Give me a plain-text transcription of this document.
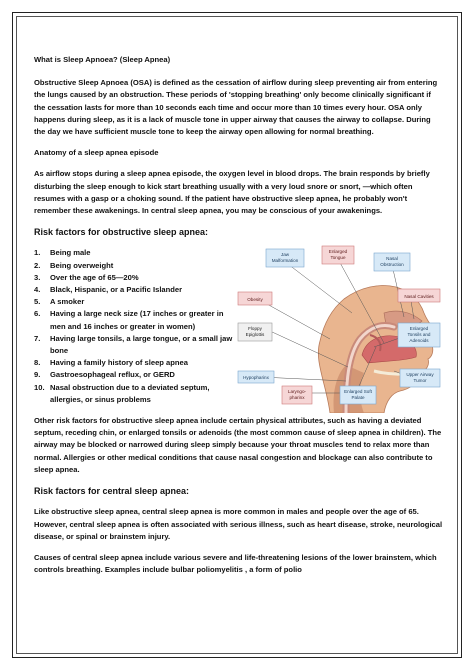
What is Sleep Apnoea? (Sleep Apnea)

Obstructive Sleep Apnoea (OSA) is defined as the cessation of airflow during sleep preventing air from entering the lungs caused by an obstruction. These periods of 'stopping breathing' only become clinically significant if the cessation lasts for more than 10 seconds each time and occur more than 10 times every hour. OSA only happens during sleep, as it is a lack of muscle tone in upper airway that causes the airway to collapse. During the day we have sufficient muscle tone to keep the airway open allowing for normal breathing.

Anatomy of a sleep apnea episode

As airflow stops during a sleep apnea episode, the oxygen level in blood drops. The brain responds by briefly disturbing the sleep enough to kick start breathing usually with a very loud snore or snort, —which often resumes with a gasp or a choking sound. If the patient have obstructive sleep apnea, he probably won't remember these awakenings. In central sleep apnea, you may be conscious of your awakenings.

Risk factors for obstructive sleep apnea:
1.	Being male
2.	Being overweight
3.	Over the age of 65—20%
4.	Black, Hispanic, or a Pacific Islander
5.	A smoker
6.	Having a large neck size (17 inches or greater in men and 16 inches or greater in women)
7.	Having large tonsils, a large tongue, or a small jaw bone
8.	Having a family history of sleep apnea
9.	Gastroesophageal reflux, or GERD
10. Nasal obstruction due to a deviated septum, allergies, or sinus problems
Jaw
Malformation
Enlarged
Tongue	Nasal
Obstruction
Obesity
Nasal Cavities
Floppy
Epiglottis
Enlarged
Tonsils and
Adenoids
Hypopharinx
Upper Airway
Tumor
Laryngo-
pharinx
Enlarged Soft
Palate

Other risk factors for obstructive sleep apnea include certain physical attributes, such as having a deviated septum, receding chin, or enlarged tonsils or adenoids (the most common cause of sleep apnea in children). The airway may be blocked or narrowed during sleep simply because your throat muscles tend to relax more than normal. Allergies or other medical conditions that cause nasal congestion and blockage can also contribute to sleep apnea.

Risk factors for central sleep apnea:

Like obstructive sleep apnea, central sleep apnea is more common in males and people over the age of 65. However, central sleep apnea is often associated with serious illness, such as heart disease, stroke, neurological disease, or spinal or brainstem injury.

Causes of central sleep apnea include various severe and life-threatening lesions of the lower brainstem, which controls breathing. Examples include bulbar poliomyelitis , a form of polio
